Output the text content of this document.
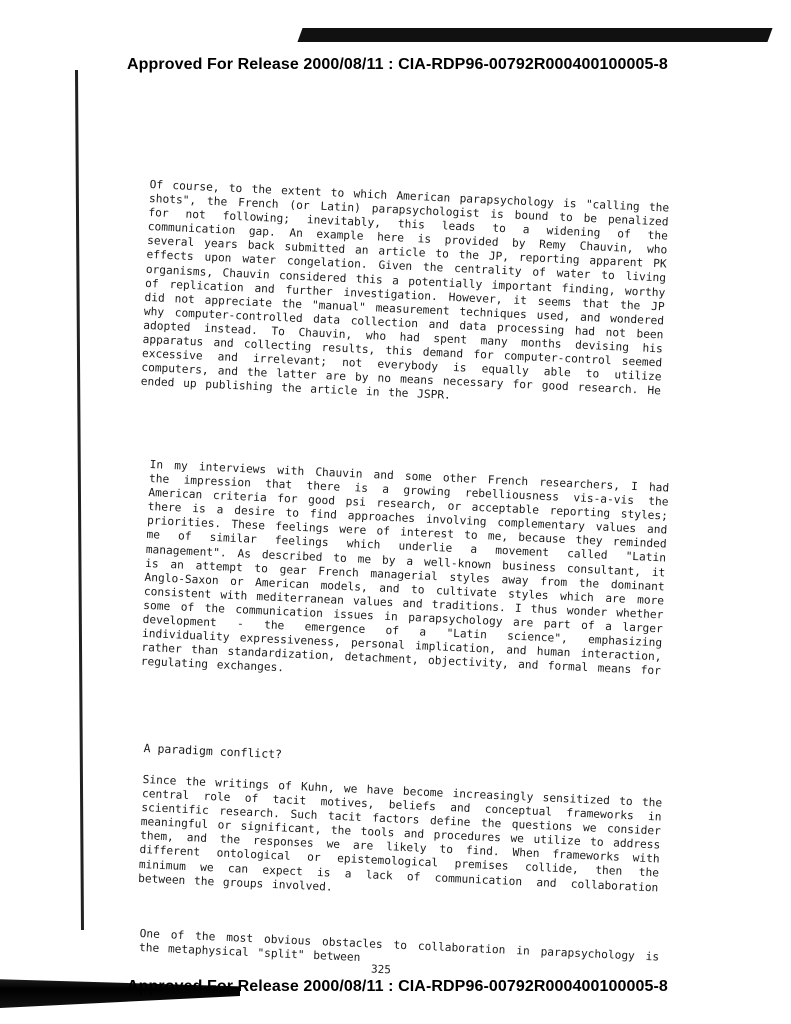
Approved For Release 2000/08/11 : CIA-RDP96-00792R000400100005-8

Of course, to the extent to which American parapsychology is "calling the shots", the French (or Latin) parapsychologist is bound to be penalized for not following; inevitably, this leads to a widening of the communication gap. An example here is provided by Remy Chauvin, who several years back submitted an article to the JP, reporting apparent PK effects upon water congelation. Given the centrality of water to living organisms, Chauvin considered this a potentially important finding, worthy of replication and further investigation. However, it seems that the JP did not appreciate the "manual" measurement techniques used, and wondered why computer-controlled data collection and data processing had not been adopted instead. To Chauvin, who had spent many months devising his apparatus and collecting results, this demand for computer-control seemed excessive and irrelevant; not everybody is equally able to utilize computers, and the latter are by no means necessary for good research. He ended up publishing the article in the JSPR.

In my interviews with Chauvin and some other French researchers, I had the impression that there is a growing rebelliousness vis-a-vis the American criteria for good psi research, or acceptable reporting styles; there is a desire to find approaches involving complementary values and priorities. These feelings were of interest to me, because they reminded me of similar feelings which underlie a movement called "Latin management". As described to me by a well-known business consultant, it is an attempt to gear French managerial styles away from the dominant Anglo-Saxon or American models, and to cultivate styles which are more consistent with mediterranean values and traditions. I thus wonder whether some of the communication issues in parapsychology are part of a larger development - the emergence of a "Latin science", emphasizing individuality expressiveness, personal implication, and human interaction, rather than standardization, detachment, objectivity, and formal means for regulating exchanges.

A paradigm conflict?

Since the writings of Kuhn, we have become increasingly sensitized to the central role of tacit motives, beliefs and conceptual frameworks in scientific research. Such tacit factors define the questions we consider meaningful or significant, the tools and procedures we utilize to address them, and the responses we are likely to find. When frameworks with different ontological or epistemological premises collide, then the minimum we can expect is a lack of communication and collaboration between the groups involved.

One of the most obvious obstacles to collaboration in parapsychology is the metaphysical "split" between

325
Approved For Release 2000/08/11 : CIA-RDP96-00792R000400100005-8
